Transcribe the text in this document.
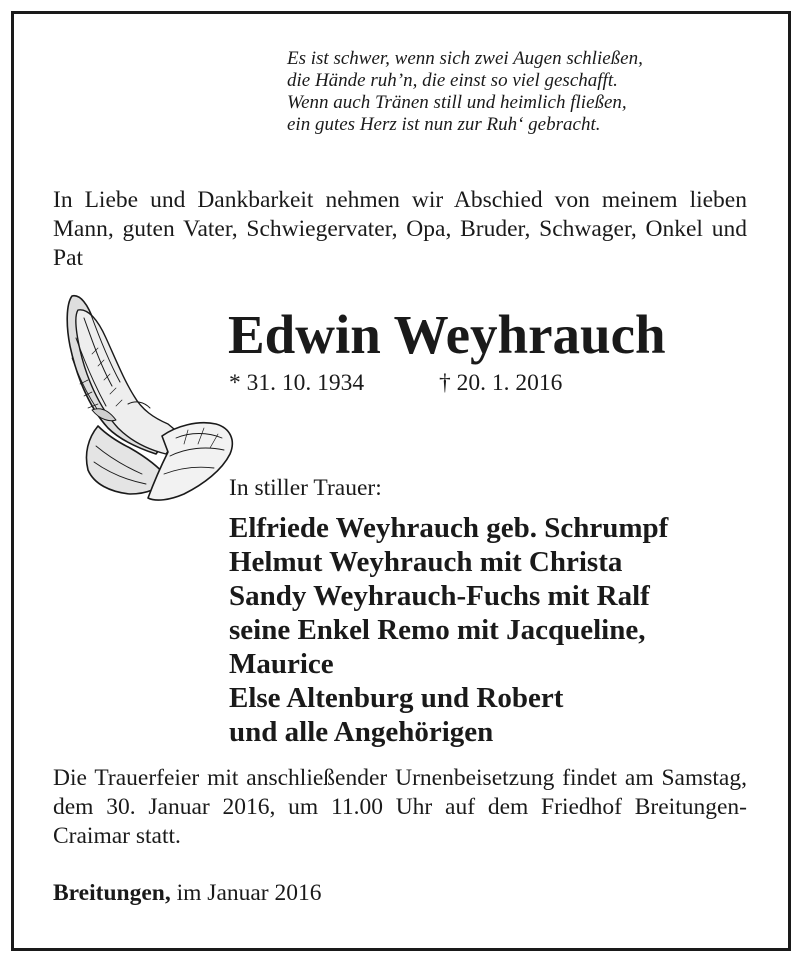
Es ist schwer, wenn sich zwei Augen schließen,
die Hände ruh’n, die einst so viel geschafft.
Wenn auch Tränen still und heimlich fließen,
ein gutes Herz ist nun zur Ruh‘ gebracht.
In Liebe und Dankbarkeit nehmen wir Abschied von meinem lieben Mann, guten Vater, Schwiegervater, Opa, Bruder, Schwager, Onkel und Pat
Edwin Weyhrauch
* 31. 10. 1934	† 20. 1. 2016
In stiller Trauer:
Elfriede Weyhrauch geb. Schrumpf
Helmut Weyhrauch mit Christa
Sandy Weyhrauch-Fuchs mit Ralf
seine Enkel Remo mit Jacqueline,
Maurice
Else Altenburg und Robert
und alle Angehörigen
Die Trauerfeier mit anschließender Urnenbeisetzung findet am Samstag, dem 30. Januar 2016, um 11.00 Uhr auf dem Friedhof Breitungen-Craimar statt.
Breitungen, im Januar 2016
